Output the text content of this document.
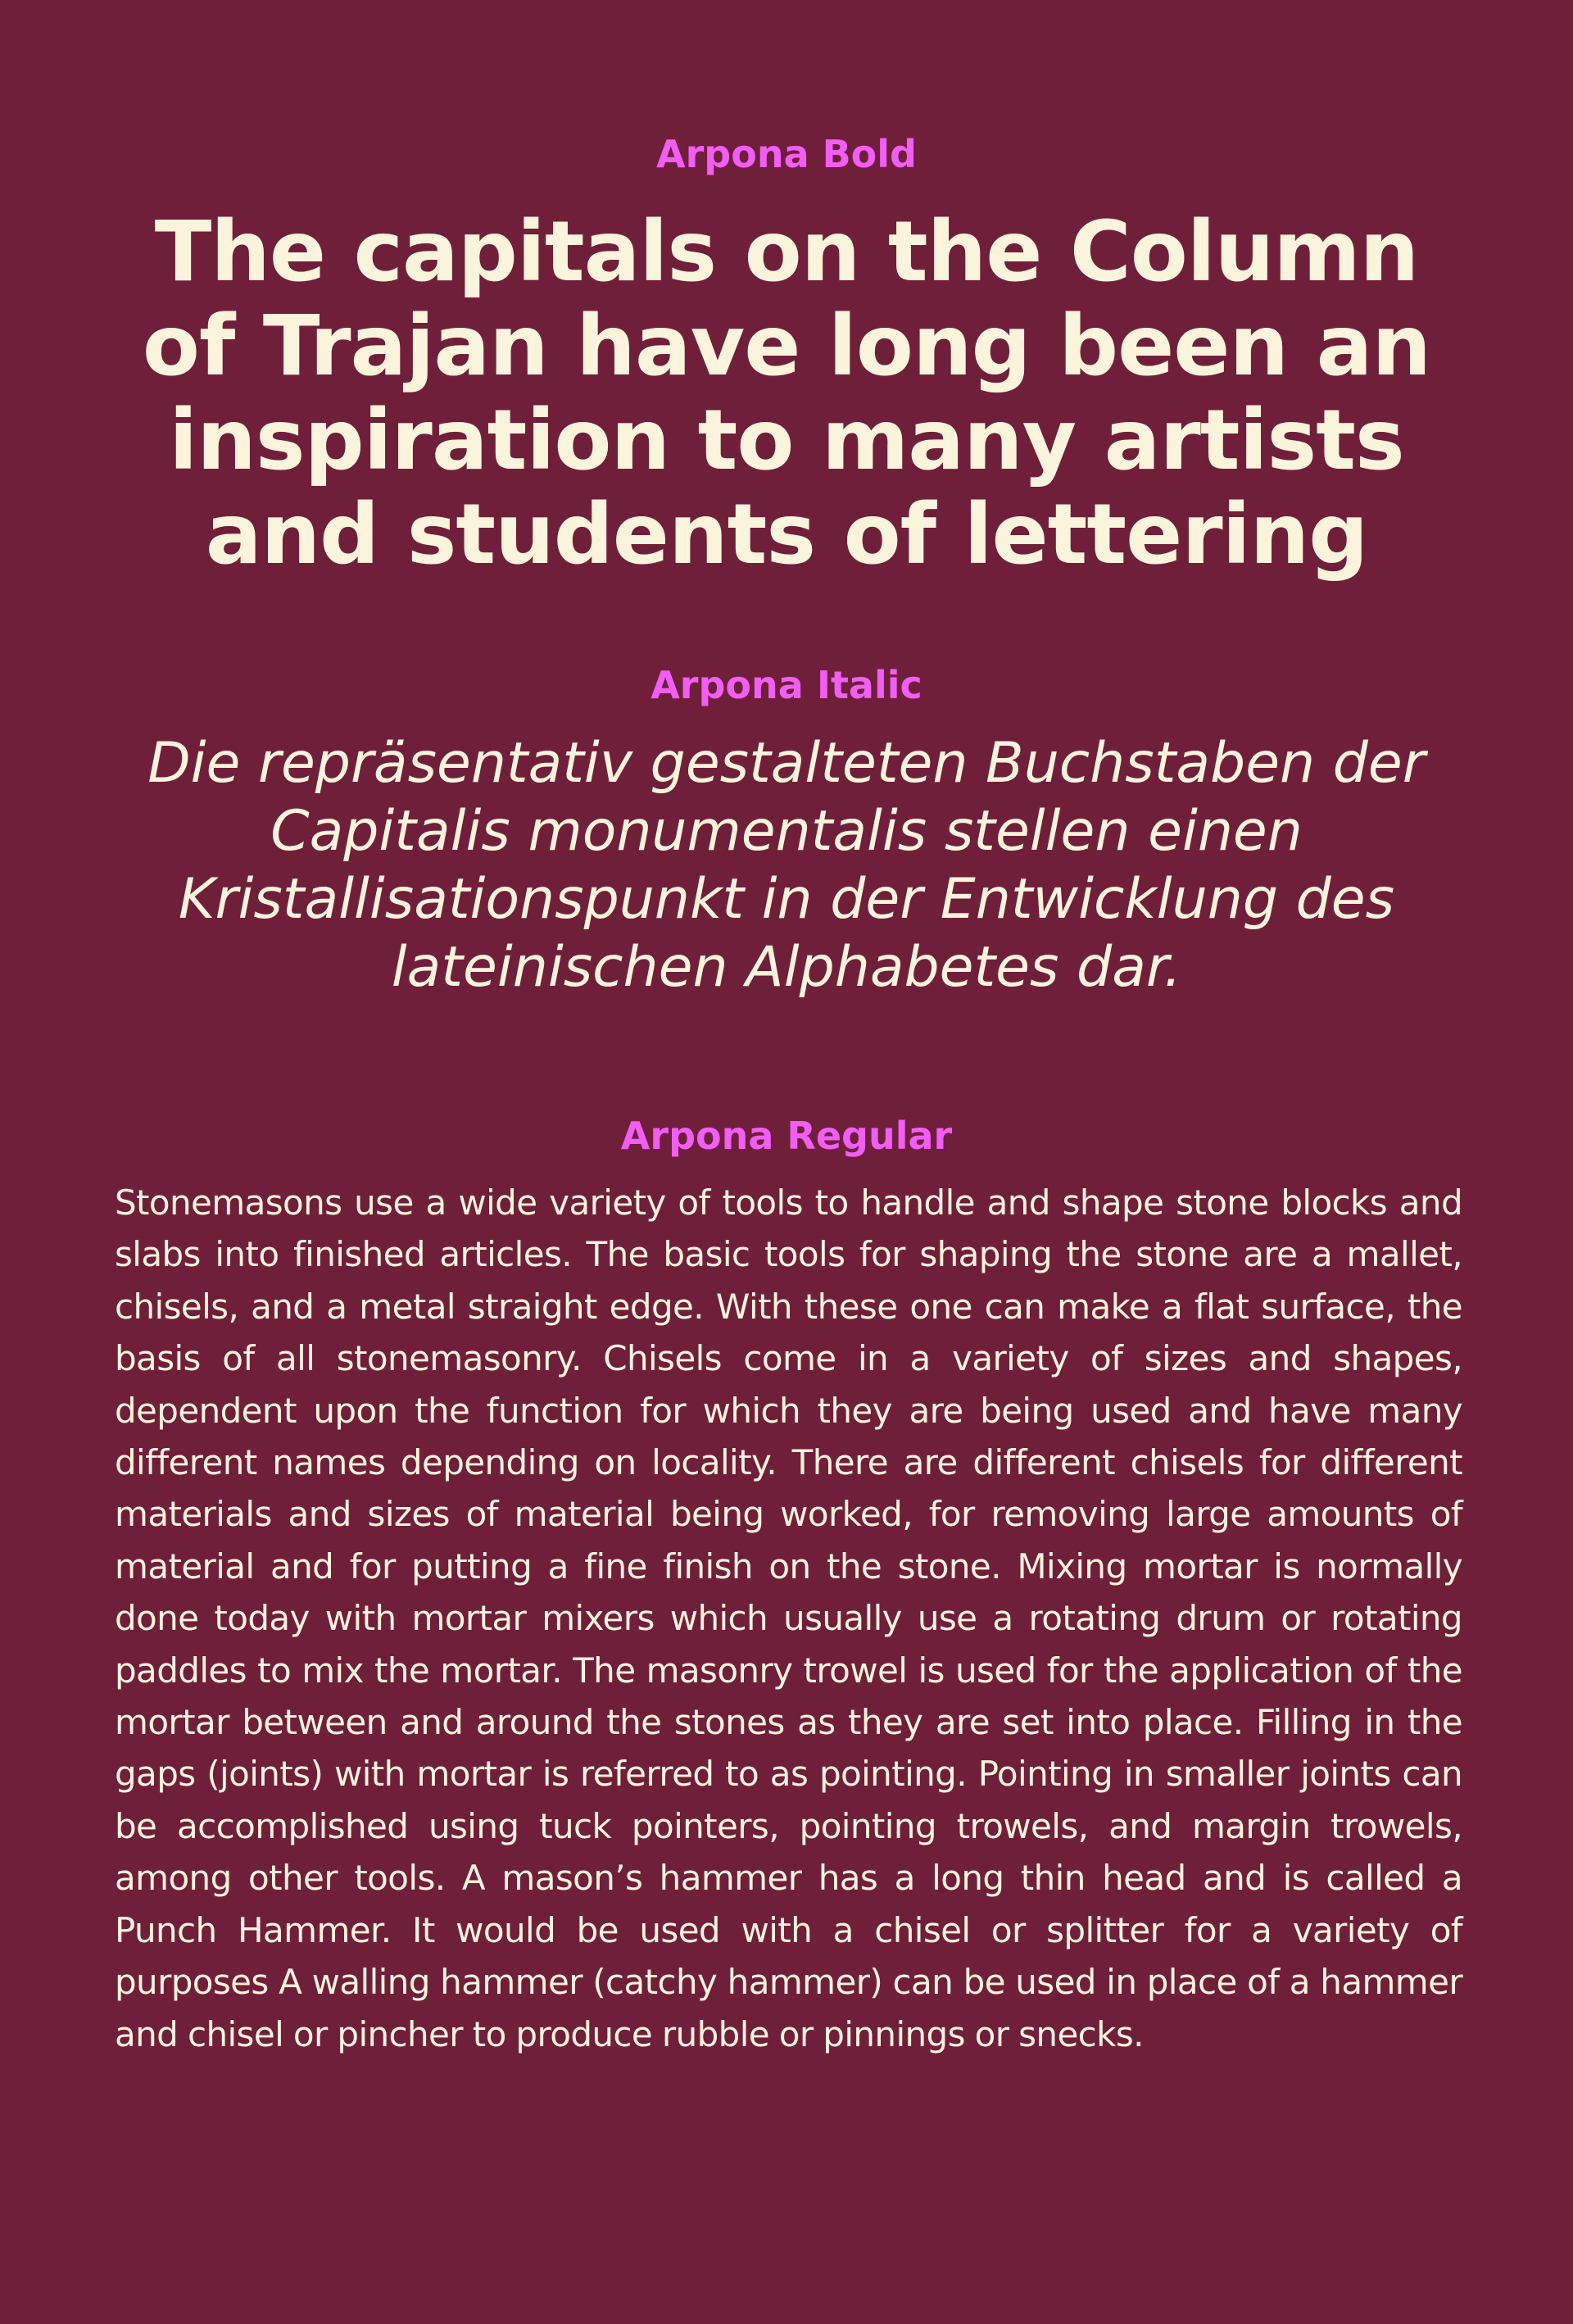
Arpona Bold

The capitals on the Column of Trajan have long been an inspiration to many artists and students of lettering

Arpona Italic

Die repräsentativ gestalteten Buchstaben der Capitalis monumentalis stellen einen Kristallisationspunkt in der Entwicklung des lateinischen Alphabetes dar.

Arpona Regular

Stonemasons use a wide variety of tools to handle and shape stone blocks and slabs into finished articles. The basic tools for shaping the stone are a mallet, chisels, and a metal straight edge. With these one can make a flat surface, the basis of all stonemasonry. Chisels come in a variety of sizes and shapes, dependent upon the function for which they are being used and have many different names depending on locality. There are different chisels for different materials and sizes of material being worked, for removing large amounts of material and for putting a fine finish on the stone. Mixing mortar is normally done today with mortar mixers which usually use a rotating drum or rotating paddles to mix the mortar. The masonry trowel is used for the application of the mortar between and around the stones as they are set into place. Filling in the gaps (joints) with mortar is referred to as pointing. Pointing in smaller joints can be accomplished using tuck pointers, pointing trowels, and margin trowels, among other tools. A mason’s hammer has a long thin head and is called a Punch Hammer. It would be used with a chisel or splitter for a variety of purposes A walling hammer (catchy hammer) can be used in place of a hammer and chisel or pincher to produce rubble or pinnings or snecks.
